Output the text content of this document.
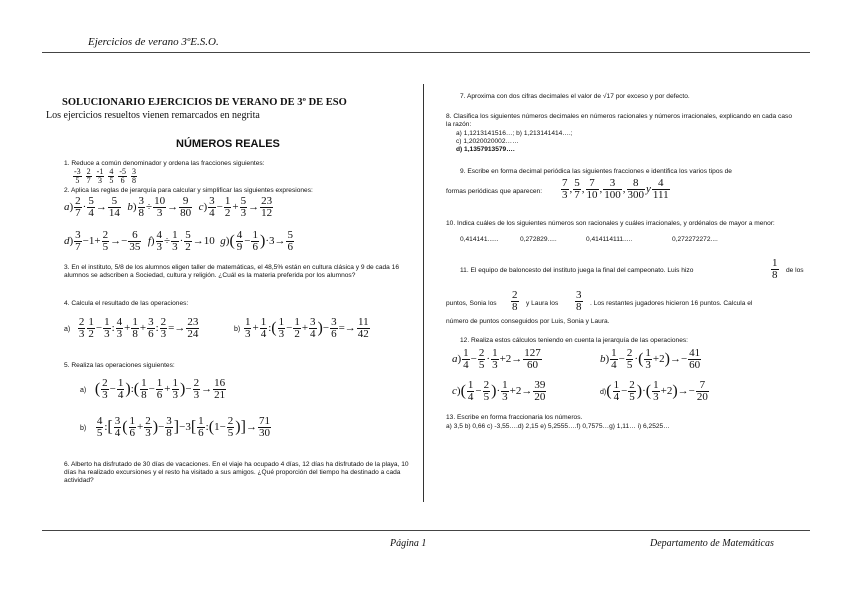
Ejercicios de verano 3ºE.S.O.
Página 1	Departamento de Matemáticas
SOLUCIONARIO EJERCICIOS DE VERANO DE 3º DE ESO
Los ejercicios resueltos vienen remarcados en negrita
NÚMEROS REALES
1. Reduce a común denominador y ordena las fracciones siguientes:
$\frac{-3}{5}$
$\frac{2}{7}$
$\frac{-1}{3}$
$\frac{4}{5}$
$\frac{-5}{6}$
$\frac{3}{8}$
2. Aplica las reglas de jerarquía para calcular y simplificar las siguientes expresiones:
$a) \frac{2}{7} \cdot \frac{5}{4} \to \frac{5}{14} b) \frac{3}{8} \div \frac{10}{3} \to \frac{9}{80} c) \frac{3}{4} - \frac{1}{2} + \frac{5}{3} \to \frac{23}{12}$
$d) \frac{3}{7} -1+ \frac{2}{5} \to- \frac{6}{35} f) \frac{4}{3} \div \frac{1}{3} \cdot \frac{5}{2} \to 10$  $g)( \frac{4}{9} - \frac{1}{6} )\cdot 3\to \frac{5}{6}$
3. En el instituto, 5/8 de los alumnos eligen taller de matemáticas, el 48,5% están en cultura clásica y 9 de cada 16 alumnos se adscriben a Sociedad, cultura y religión. ¿Cuál es la materia preferida por los alumnos?
4. Calcula el resultado de las operaciones:
$a) \frac{2}{3} \frac{1}{2} - \frac{1}{3}$ : $\frac{4}{3} + \frac{1}{8} + \frac{3}{6}$ : $\frac{2}{3} =\to \frac{23}{24}$	$b) \frac{1}{3} + \frac{1}{4}$ :( $\frac{1}{3} - \frac{1}{2} + \frac{3}{4}$ )− $\frac{3}{6} =\to \frac{11}{42}$
5. Realiza las operaciones siguientes:
a)    ( $\frac{2}{3} - \frac{1}{4}$ ):( $\frac{1}{8} - \frac{1}{6} + \frac{1}{3}$ )− $\frac{2}{3} \to \frac{16}{21}$
$b) \frac{4}{5}$ :[ $\frac{3}{4}$ ( $\frac{1}{6} + \frac{2}{3}$ )− $\frac{3}{8} ]-3[ \frac{1}{6}$ :(1− $\frac{2}{5}$ )]→ $\frac{71}{30}$
6. Alberto ha disfrutado de 30 días de vacaciones. En el viaje ha ocupado 4 días, 12 días ha disfrutado de la playa, 10 días ha realizado excursiones y el resto ha visitado a sus amigos. ¿Qué proporción del tiempo ha destinado a cada actividad?
7. Aproxima con dos cifras decimales el valor de √17 por exceso y por defecto.
8. Clasifica los siguientes números decimales en números racionales y números irracionales, explicando en cada caso la razón:
a) 1,1213141516…; b) 1,213141414….;
c) 1,2020020002……
d) 1,1357913579….
9. Escribe en forma decimal periódica las siguientes fracciones e identifica los varios tipos de
formas periódicas que aparecen: $\frac{7}{3}$ , $\frac{5}{7}$ , $\frac{7}{10}$ , $\frac{3}{100}$ , $\frac{8}{300}$ y $\frac{4}{111}$
10. Indica cuáles de los siguientes números son racionales y cuáles irracionales, y ordénalos de mayor a menor:
0,414141......	0,272829.....	0,414114111.....	0,272272272....
11. El equipo de baloncesto del instituto juega la final del campeonato. Luis hizo	$\frac{1}{8}$ de los
puntos, Sonia los $\frac{2}{8}$ y Laura los $\frac{3}{8}$ . Los restantes jugadores hicieron 16 puntos. Calcula el
número de puntos conseguidos por Luis, Sonia y Laura.
12. Realiza estos cálculos teniendo en cuenta la jerarquía de las operaciones:
$a) \frac{1}{4} - \frac{2}{5} \cdot \frac{1}{3} +2\to \frac{127}{60}$	$b) \frac{1}{4} - \frac{2}{5}$ ·( $\frac{1}{3} +2)\to- \frac{41}{60}$
$c)( \frac{1}{4} - \frac{2}{5}$ )· $\frac{1}{3} +2\to \frac{39}{20}$	$d)( \frac{1}{4} - \frac{2}{5}$ )·( $\frac{1}{3} +2)\to- \frac{7}{20}$
13. Escribe en forma fraccionaria los números.
a) 3,5 b) 0,66 c) -3,55….d) 2,15 e) 5,2555….f) 0,7575…g) 1,11… i) 6,2525…
